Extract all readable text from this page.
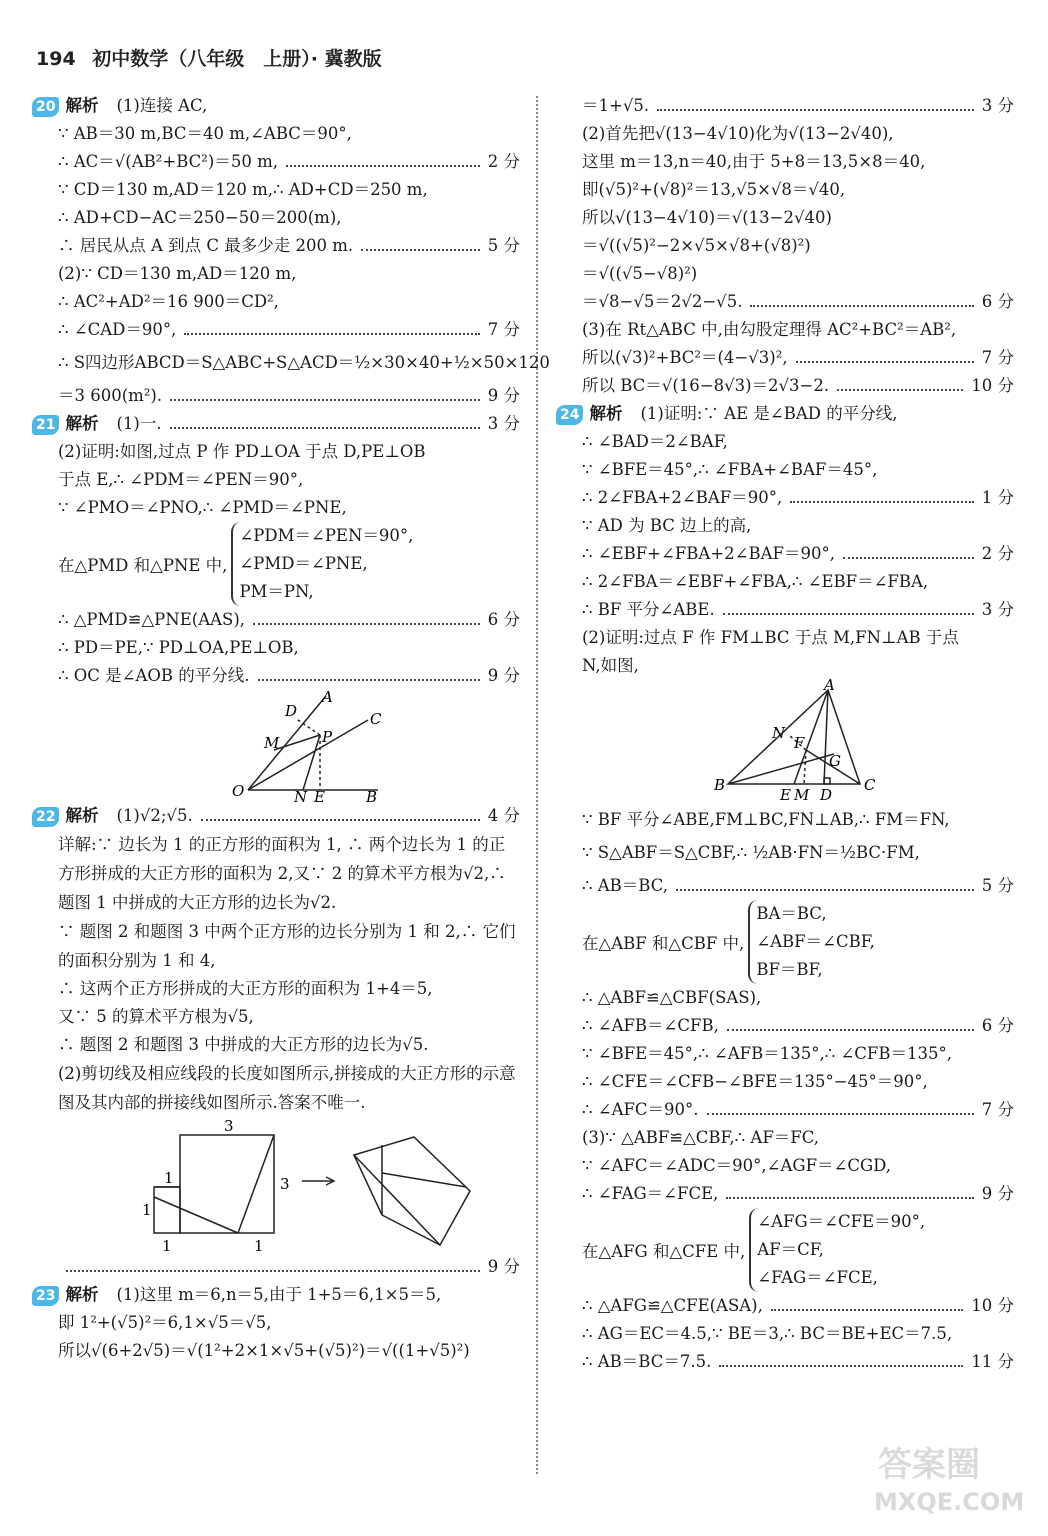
194 初中数学（八年级　上册）· 冀教版
20 解析 (1)连接 AC,
∵ AB＝30 m,BC＝40 m,∠ABC＝90°,
∴ AC＝√(AB²+BC²)＝50 m,	2 分
∵ CD＝130 m,AD＝120 m,∴ AD+CD＝250 m,
∴ AD+CD−AC＝250−50＝200(m),
∴ 居民从点 A 到点 C 最多少走 200 m.	5 分
(2)∵ CD＝130 m,AD＝120 m,
∴ AC²+AD²＝16 900＝CD²,
∴ ∠CAD＝90°,	7 分
∴ S四边形ABCD＝S△ABC+S△ACD＝½×30×40+½×50×120
＝3 600(m²).	9 分
21 解析 (1)一.	3 分
(2)证明:如图,过点 P 作 PD⊥OA 于点 D,PE⊥OB
于点 E,∴ ∠PDM＝∠PEN＝90°,
∵ ∠PMO＝∠PNO,∴ ∠PMD＝∠PNE,
在△PMD 和△PNE 中,
∠PDM＝∠PEN＝90°,
∠PMD＝∠PNE,
PM＝PN,
∴ △PMD≌△PNE(AAS),	6 分
∴ PD＝PE,∵ PD⊥OA,PE⊥OB,
∴ OC 是∠AOB 的平分线.	9 分
A
D
M	P
C
O	N E	B
22 解析 (1)√2;√5.	4 分
详解:∵ 边长为 1 的正方形的面积为 1, ∴ 两个边长为 1 的正方形拼成的大正方形的面积为 2,又∵ 2 的算术平方根为√2,∴ 题图 1 中拼成的大正方形的边长为√2.
∵ 题图 2 和题图 3 中两个正方形的边长分别为 1 和 2,∴ 它们的面积分别为 1 和 4,
∴ 这两个正方形拼成的大正方形的面积为 1+4＝5,
又∵ 5 的算术平方根为√5,
∴ 题图 2 和题图 3 中拼成的大正方形的边长为√5.
(2)剪切线及相应线段的长度如图所示,拼接成的大正方形的示意图及其内部的拼接线如图所示.答案不唯一.
3
3
1
1
1	1
9 分
23 解析 (1)这里 m＝6,n＝5,由于 1+5＝6,1×5＝5,
即 1²+(√5)²＝6,1×√5＝√5,
所以√(6+2√5)＝√(1²+2×1×√5+(√5)²)＝√((1+√5)²)
＝1+√5.	3 分
(2)首先把√(13−4√10)化为√(13−2√40),
这里 m＝13,n＝40,由于 5+8＝13,5×8＝40,
即(√5)²+(√8)²＝13,√5×√8＝√40,
所以√(13−4√10)＝√(13−2√40)
＝√((√5)²−2×√5×√8+(√8)²)
＝√((√5−√8)²)
＝√8−√5＝2√2−√5.	6 分
(3)在 Rt△ABC 中,由勾股定理得 AC²+BC²＝AB²,
所以(√3)²+BC²＝(4−√3)²,	7 分
所以 BC＝√(16−8√3)＝2√3−2.	10 分
24 解析 (1)证明:∵ AE 是∠BAD 的平分线,
∴ ∠BAD＝2∠BAF,
∵ ∠BFE＝45°,∴ ∠FBA+∠BAF＝45°,
∴ 2∠FBA+2∠BAF＝90°,	1 分
∵ AD 为 BC 边上的高,
∴ ∠EBF+∠FBA+2∠BAF＝90°,	2 分
∴ 2∠FBA＝∠EBF+∠FBA,∴ ∠EBF＝∠FBA,
∴ BF 平分∠ABE.	3 分
(2)证明:过点 F 作 FM⊥BC 于点 M,FN⊥AB 于点
N,如图,
A
N
F
G
B
E M D
C
∵ BF 平分∠ABE,FM⊥BC,FN⊥AB,∴ FM＝FN,
∵ S△ABF＝S△CBF,∴ ½AB·FN＝½BC·FM,
∴ AB＝BC,	5 分
在△ABF 和△CBF 中,
BA＝BC,
∠ABF＝∠CBF,
BF＝BF,
∴ △ABF≌△CBF(SAS),
∴ ∠AFB＝∠CFB,	6 分
∵ ∠BFE＝45°,∴ ∠AFB＝135°,∴ ∠CFB＝135°,
∴ ∠CFE＝∠CFB−∠BFE＝135°−45°＝90°,
∴ ∠AFC＝90°.	7 分
(3)∵ △ABF≌△CBF,∴ AF＝FC,
∵ ∠AFC＝∠ADC＝90°,∠AGF＝∠CGD,
∴ ∠FAG＝∠FCE,	9 分
在△AFG 和△CFE 中,
∠AFG＝∠CFE＝90°,
AF＝CF,
∠FAG＝∠FCE,
∴ △AFG≌△CFE(ASA),	10 分
∴ AG＝EC＝4.5,∵ BE＝3,∴ BC＝BE+EC＝7.5,
∴ AB＝BC＝7.5.	11 分
答案圈
MXQE.COM
